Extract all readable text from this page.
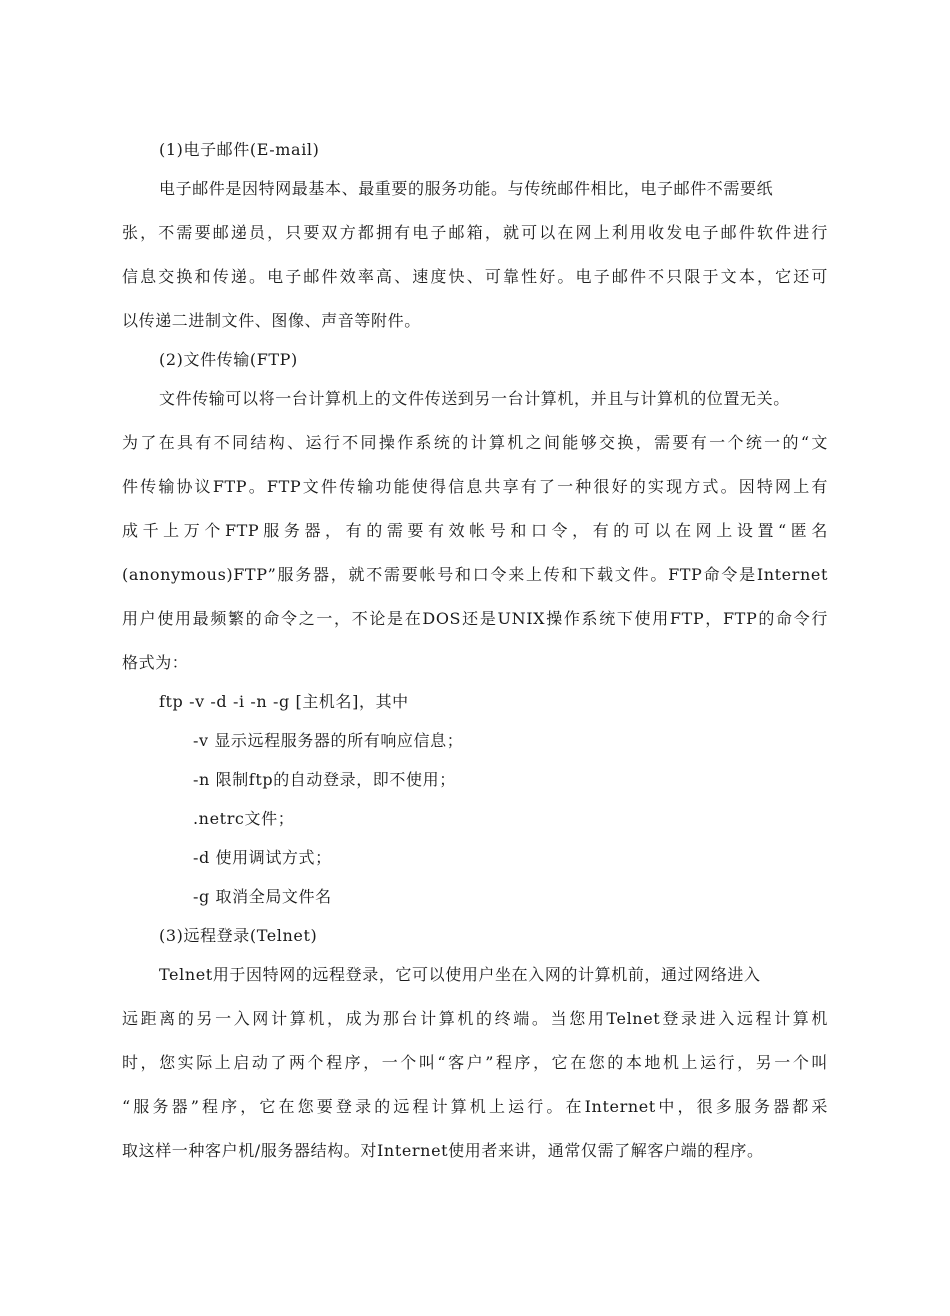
(1)电子邮件(E-mail)
电子邮件是因特网最基本、最重要的服务功能。与传统邮件相比，电子邮件不需要纸
张，不需要邮递员，只要双方都拥有电子邮箱，就可以在网上利用收发电子邮件软件进行
信息交换和传递。电子邮件效率高、速度快、可靠性好。电子邮件不只限于文本，它还可
以传递二进制文件、图像、声音等附件。
(2)文件传输(FTP)
文件传输可以将一台计算机上的文件传送到另一台计算机，并且与计算机的位置无关。
为了在具有不同结构、运行不同操作系统的计算机之间能够交换，需要有一个统一的“文
件传输协议FTP。FTP文件传输功能使得信息共享有了一种很好的实现方式。因特网上有
成千上万个FTP服务器，有的需要有效帐号和口令，有的可以在网上设置“匿名
(anonymous)FTP”服务器，就不需要帐号和口令来上传和下载文件。FTP命令是Internet
用户使用最频繁的命令之一，不论是在DOS还是UNIX操作系统下使用FTP，FTP的命令行
格式为：
ftp -v -d -i -n -g [主机名]，其中
-v 显示远程服务器的所有响应信息；
-n 限制ftp的自动登录，即不使用；
.netrc文件；
-d 使用调试方式；
-g 取消全局文件名
(3)远程登录(Telnet)
Telnet用于因特网的远程登录，它可以使用户坐在入网的计算机前，通过网络进入
远距离的另一入网计算机，成为那台计算机的终端。当您用Telnet登录进入远程计算机
时，您实际上启动了两个程序，一个叫“客户”程序，它在您的本地机上运行，另一个叫
“服务器”程序，它在您要登录的远程计算机上运行。在Internet中，很多服务器都采
取这样一种客户机/服务器结构。对Internet使用者来讲，通常仅需了解客户端的程序。
